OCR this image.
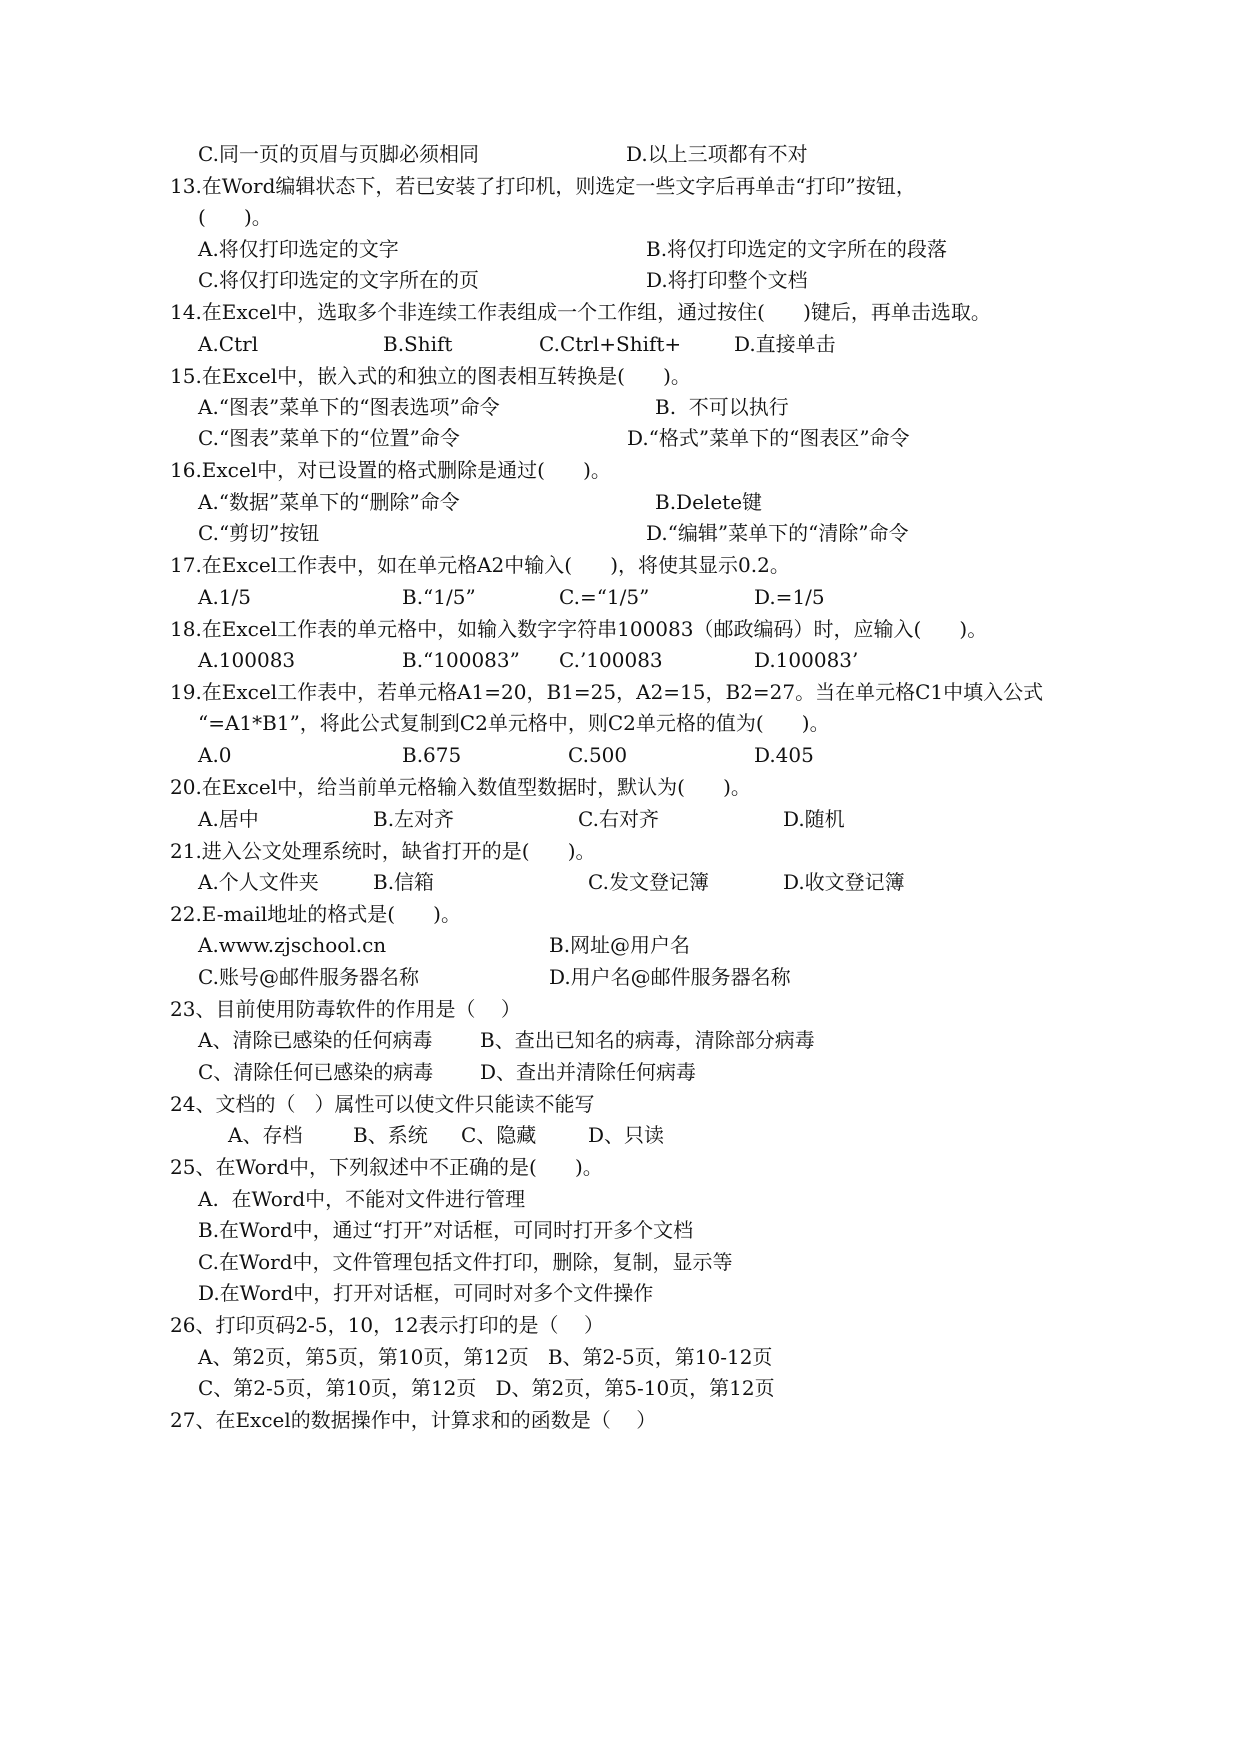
C.同一页的页眉与页脚必须相同	D.以上三项都有不对
13.在Word编辑状态下，若已安装了打印机，则选定一些文字后再单击“打印”按钮，
(      )。
A.将仅打印选定的文字	B.将仅打印选定的文字所在的段落
C.将仅打印选定的文字所在的页	D.将打印整个文档
14.在Excel中，选取多个非连续工作表组成一个工作组，通过按住(      )键后，再单击选取。
A.Ctrl	B.Shift	C.Ctrl+Shift+	D.直接单击
15.在Excel中，嵌入式的和独立的图表相互转换是(      )。
A.“图表”菜单下的“图表选项”命令	B.  不可以执行
C.“图表”菜单下的“位置”命令	D.“格式”菜单下的“图表区”命令
16.Excel中，对已设置的格式删除是通过(      )。
A.“数据”菜单下的“删除”命令	B.Delete键
C.“剪切”按钮	D.“编辑”菜单下的“清除”命令
17.在Excel工作表中，如在单元格A2中输入(      )，将使其显示0.2。
A.1/5	B.“1/5”	C.=“1/5”	D.=1/5
18.在Excel工作表的单元格中，如输入数字字符串100083（邮政编码）时，应输入(      )。
A.100083	B.“100083” C.’100083	D.100083’
19.在Excel工作表中，若单元格A1=20，B1=25，A2=15，B2=27。当在单元格C1中填入公式
“=A1*B1”，将此公式复制到C2单元格中，则C2单元格的值为(      )。
A.0	B.675	C.500	D.405
20.在Excel中，给当前单元格输入数值型数据时，默认为(      )。
A.居中	B.左对齐	C.右对齐	D.随机
21.进入公文处理系统时，缺省打开的是(      )。
A.个人文件夹	B.信箱	C.发文登记簿	D.收文登记簿
22.E-mail地址的格式是(      )。
A.www.zjschool.cn	B.网址@用户名
C.账号@邮件服务器名称	D.用户名@邮件服务器名称
23、目前使用防毒软件的作用是（    ）
A、清除已感染的任何病毒 B、查出已知名的病毒，清除部分病毒
C、清除任何已感染的病毒 D、查出并清除任何病毒
24、文档的（   ）属性可以使文件只能读不能写
A、存档	B、系统 C、隐藏	D、只读
25、在Word中，下列叙述中不正确的是(      )。
A.  在Word中，不能对文件进行管理
B.在Word中，通过“打开”对话框，可同时打开多个文档
C.在Word中，文件管理包括文件打印，删除，复制，显示等
D.在Word中，打开对话框，可同时对多个文件操作
26、打印页码2-5，10，12表示打印的是（    ）
A、第2页，第5页，第10页，第12页   B、第2-5页，第10-12页
C、第2-5页，第10页，第12页   D、第2页，第5-10页，第12页
27、在Excel的数据操作中，计算求和的函数是（    ）
